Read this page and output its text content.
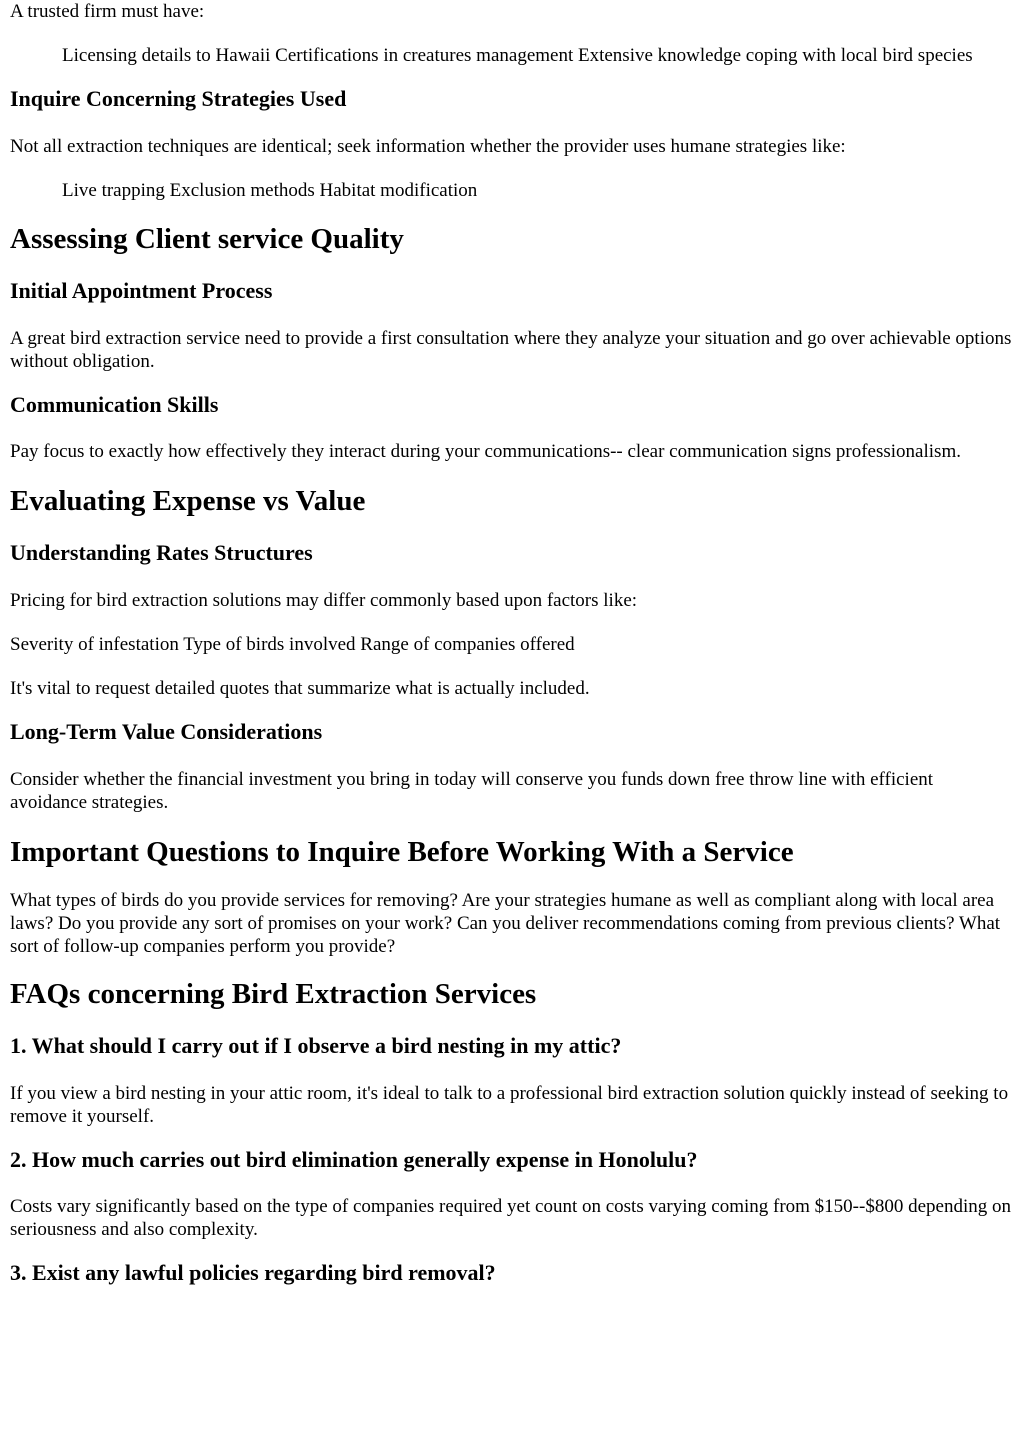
A trusted firm must have:

Licensing details to Hawaii Certifications in creatures management Extensive knowledge coping with local bird species

Inquire Concerning Strategies Used

Not all extraction techniques are identical; seek information whether the provider uses humane strategies like:

Live trapping Exclusion methods Habitat modification

Assessing Client service Quality
Initial Appointment Process

A great bird extraction service need to provide a first consultation where they analyze your situation and go over achievable options without obligation.

Communication Skills

Pay focus to exactly how effectively they interact during your communications-- clear communication signs professionalism.

Evaluating Expense vs Value
Understanding Rates Structures

Pricing for bird extraction solutions may differ commonly based upon factors like:

Severity of infestation Type of birds involved Range of companies offered

It's vital to request detailed quotes that summarize what is actually included.

Long-Term Value Considerations

Consider whether the financial investment you bring in today will conserve you funds down free throw line with efficient avoidance strategies.

Important Questions to Inquire Before Working With a Service

What types of birds do you provide services for removing? Are your strategies humane as well as compliant along with local area laws? Do you provide any sort of promises on your work? Can you deliver recommendations coming from previous clients? What sort of follow-up companies perform you provide?

FAQs concerning Bird Extraction Services
1. What should I carry out if I observe a bird nesting in my attic?

If you view a bird nesting in your attic room, it's ideal to talk to a professional bird extraction solution quickly instead of seeking to remove it yourself.

2. How much carries out bird elimination generally expense in Honolulu?

Costs vary significantly based on the type of companies required yet count on costs varying coming from $150--$800 depending on seriousness and also complexity.

3. Exist any lawful policies regarding bird removal?
